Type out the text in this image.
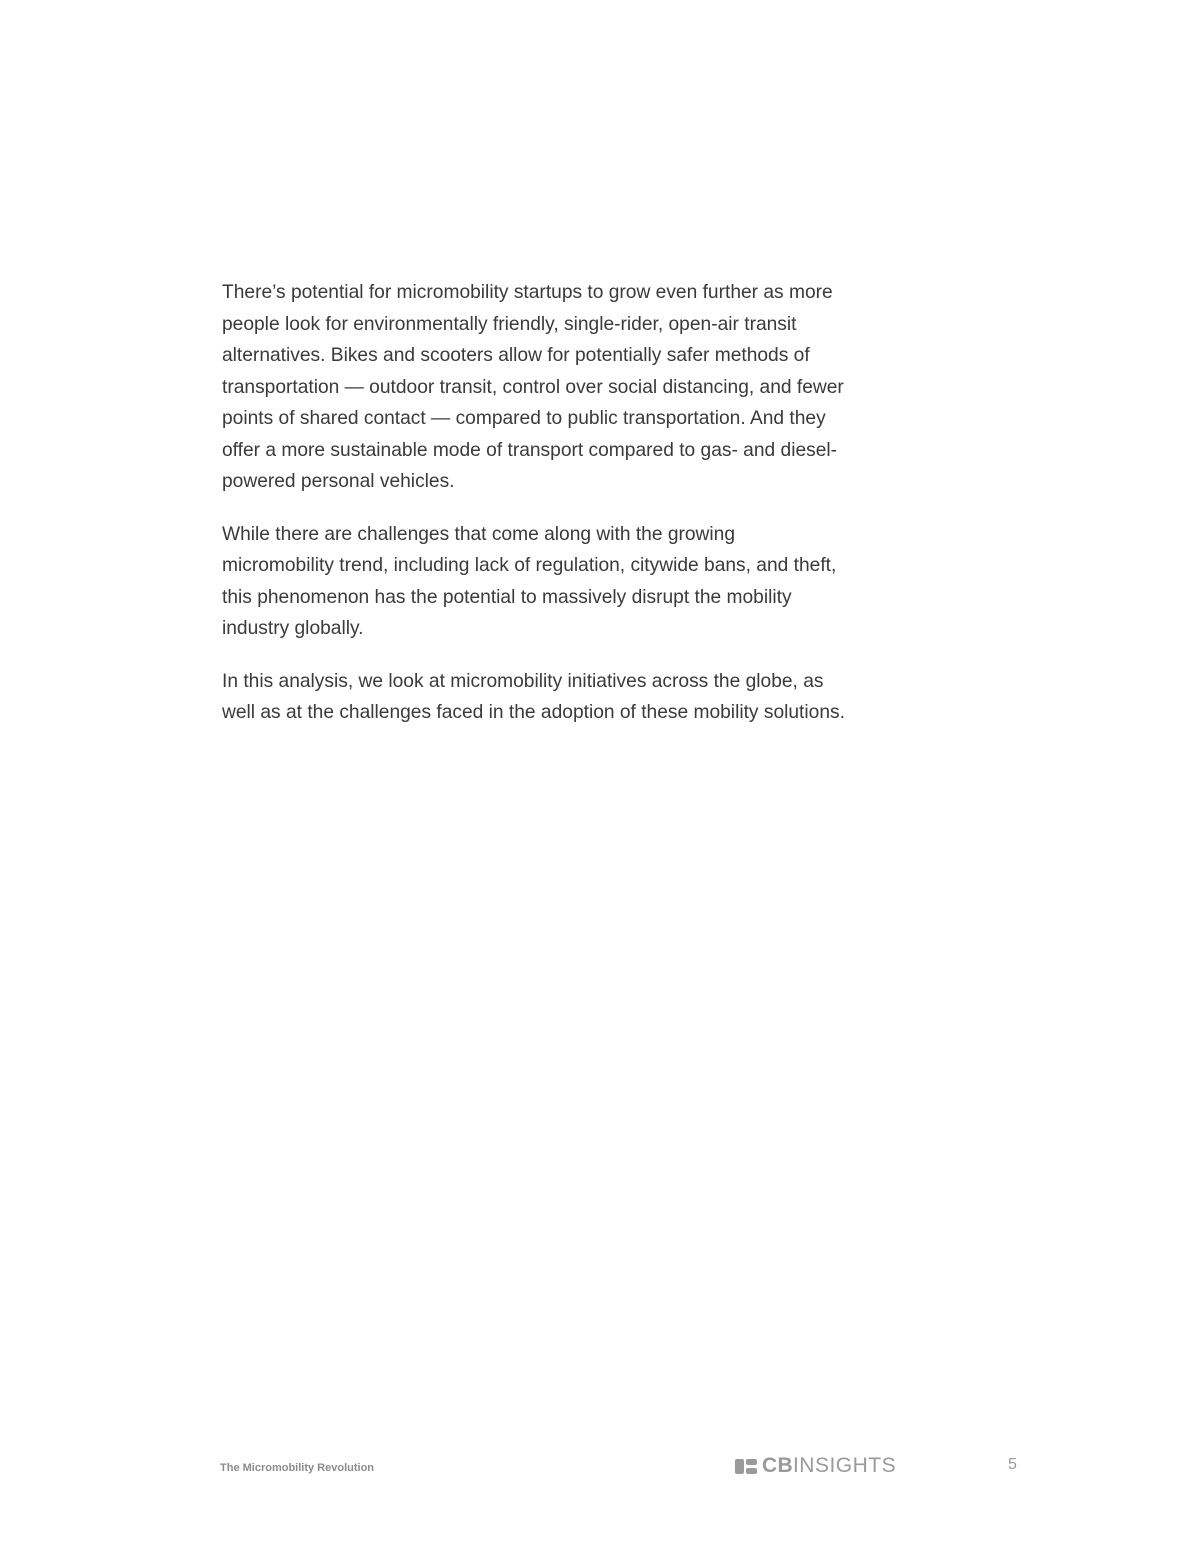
There’s potential for micromobility startups to grow even further as more people look for environmentally friendly, single-rider, open-air transit alternatives. Bikes and scooters allow for potentially safer methods of transportation — outdoor transit, control over social distancing, and fewer points of shared contact — compared to public transportation. And they offer a more sustainable mode of transport compared to gas- and diesel-powered personal vehicles.

While there are challenges that come along with the growing micromobility trend, including lack of regulation, citywide bans, and theft, this phenomenon has the potential to massively disrupt the mobility industry globally.

In this analysis, we look at micromobility initiatives across the globe, as well as at the challenges faced in the adoption of these mobility solutions.

The Micromobility Revolution	CBINSIGHTS	5
